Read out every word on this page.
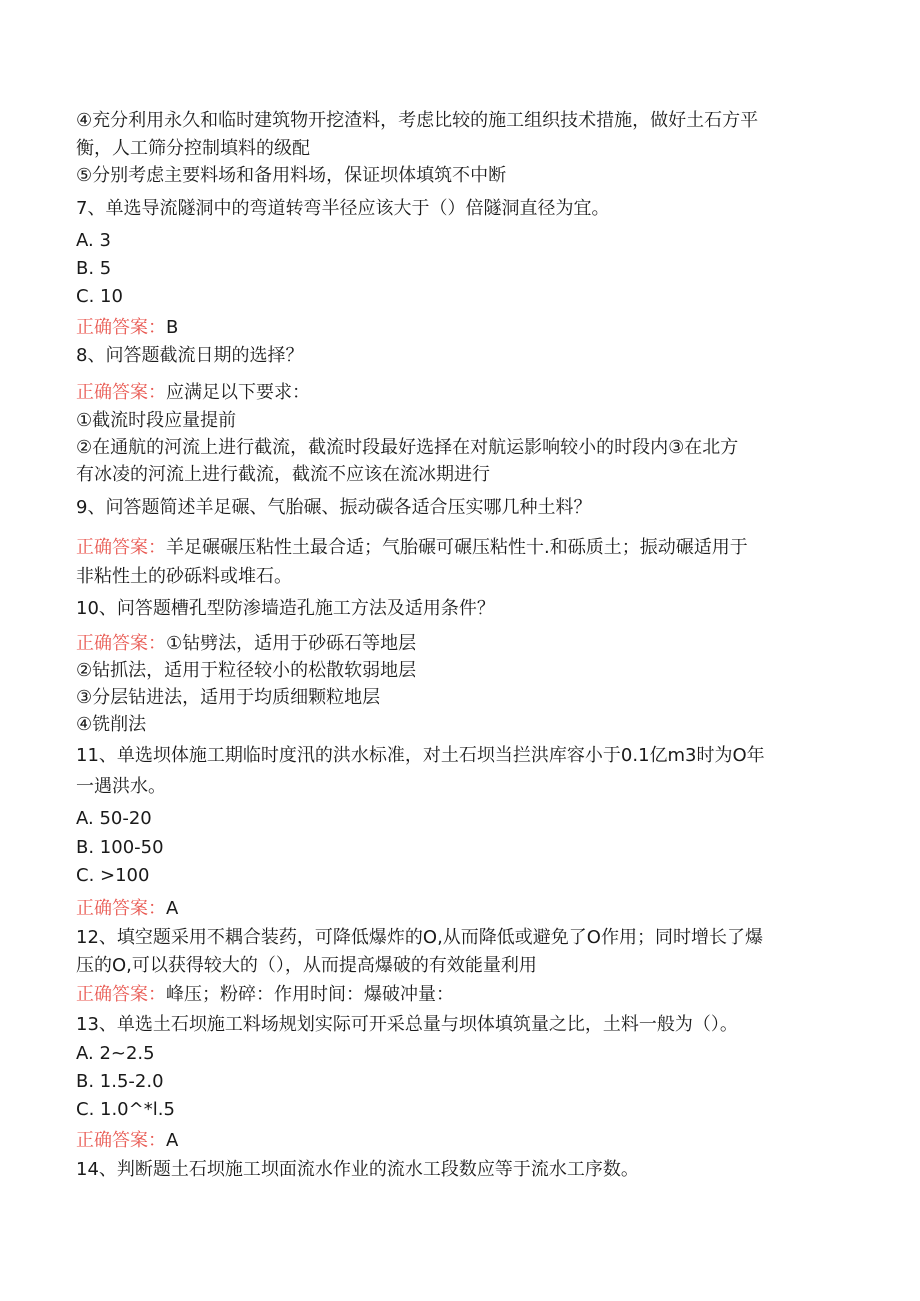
④充分利用永久和临时建筑物开挖渣料，考虑比较的施工组织技术措施，做好土石方平
衡，人工筛分控制填料的级配
⑤分别考虑主要料场和备用料场，保证坝体填筑不中断
7、单选导流隧洞中的弯道转弯半径应该大于（）倍隧洞直径为宜。
A. 3
B. 5
C. 10
正确答案：B
8、问答题截流日期的选择？
正确答案：应满足以下要求：
①截流时段应量提前
②在通航的河流上进行截流，截流时段最好选择在对航运影响较小的时段内③在北方
有冰凌的河流上进行截流，截流不应该在流冰期进行
9、问答题简述羊足碾、气胎碾、振动碳各适合压实哪几种土料？
正确答案：羊足碾碾压粘性土最合适；气胎碾可碾压粘性十.和砾质土；振动碾适用于
非粘性土的砂砾料或堆石。
10、问答题槽孔型防渗墙造孔施工方法及适用条件？
正确答案：①钻劈法，适用于砂砾石等地层
②钻抓法，适用于粒径较小的松散软弱地层
③分层钻进法，适用于均质细颗粒地层
④铣削法
11、单选坝体施工期临时度汛的洪水标准，对土石坝当拦洪库容小于0.1亿m3时为O年
一遇洪水。
A. 50-20
B. 100-50
C. >100
正确答案：A
12、填空题采用不耦合装药，可降低爆炸的O,从而降低或避免了O作用；同时增长了爆
压的O,可以获得较大的（），从而提高爆破的有效能量利用
正确答案：峰压；粉碎：作用时间：爆破冲量：
13、单选土石坝施工料场规划实际可开采总量与坝体填筑量之比，土料一般为（）。
A. 2~2.5
B. 1.5-2.0
C. 1.0^*l.5
正确答案：A
14、判断题土石坝施工坝面流水作业的流水工段数应等于流水工序数。
